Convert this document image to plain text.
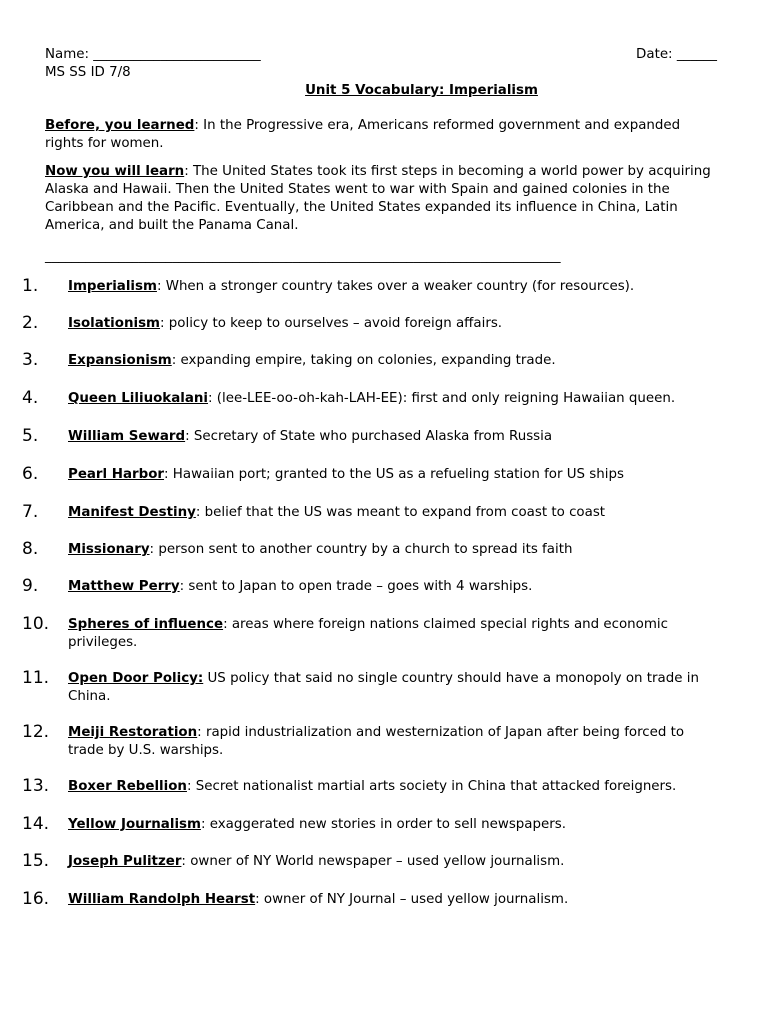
Name: _________________________	Date: ______
MS SS ID 7/8
Unit 5 Vocabulary: Imperialism

Before, you learned: In the Progressive era, Americans reformed government and expanded rights for women.

Now you will learn: The United States took its first steps in becoming a world power by acquiring Alaska and Hawaii. Then the United States went to war with Spain and gained colonies in the Caribbean and the Pacific. Eventually, the United States expanded its influence in China, Latin America, and built the Panama Canal.

_____________________________________________________________________________
1. Imperialism: When a stronger country takes over a weaker country (for resources).
2. Isolationism: policy to keep to ourselves – avoid foreign affairs.
3. Expansionism: expanding empire, taking on colonies, expanding trade.
4. Queen Liliuokalani: (lee-LEE-oo-oh-kah-LAH-EE): first and only reigning Hawaiian queen.
5. William Seward: Secretary of State who purchased Alaska from Russia
6. Pearl Harbor: Hawaiian port; granted to the US as a refueling station for US ships
7. Manifest Destiny: belief that the US was meant to expand from coast to coast
8. Missionary: person sent to another country by a church to spread its faith
9. Matthew Perry: sent to Japan to open trade – goes with 4 warships.
10. Spheres of influence: areas where foreign nations claimed special rights and economic privileges.
11. Open Door Policy: US policy that said no single country should have a monopoly on trade in China.
12. Meiji Restoration: rapid industrialization and westernization of Japan after being forced to trade by U.S. warships.
13. Boxer Rebellion: Secret nationalist martial arts society in China that attacked foreigners.
14. Yellow Journalism: exaggerated new stories in order to sell newspapers.
15. Joseph Pulitzer: owner of NY World newspaper – used yellow journalism.
16. William Randolph Hearst: owner of NY Journal – used yellow journalism.
